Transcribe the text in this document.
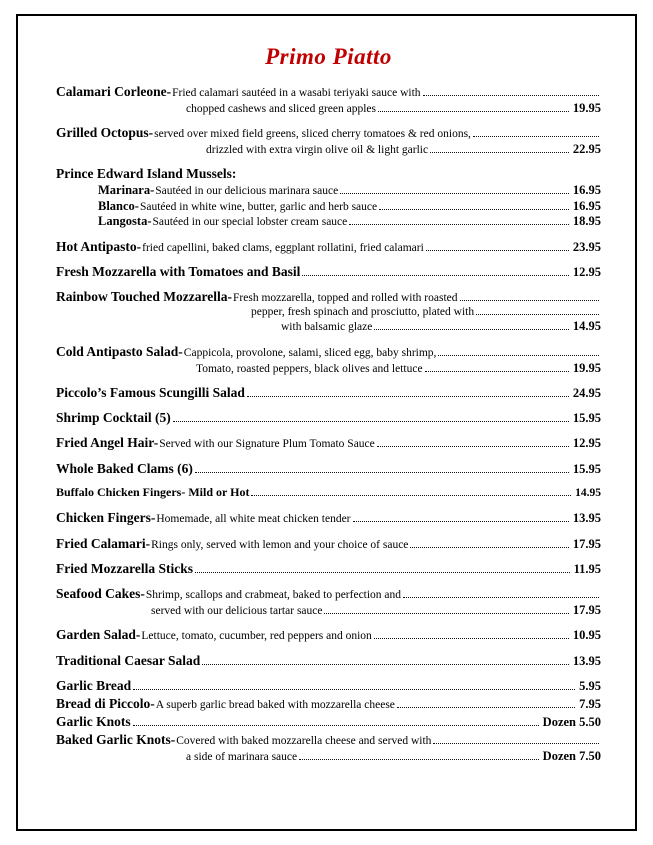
Primo Piatto
Calamari Corleone- Fried calamari sautéed in a wasabi teriyaki sauce with
chopped cashews and sliced green apples	19.95
Grilled Octopus- served over mixed field greens, sliced cherry tomatoes & red onions,
drizzled with extra virgin olive oil & light garlic	22.95
Prince Edward Island Mussels:
Marinara- Sautéed in our delicious marinara sauce	16.95
Blanco- Sautéed in white wine, butter, garlic and herb sauce	16.95
Langosta- Sautéed in our special lobster cream sauce	18.95
Hot Antipasto- fried capellini, baked clams, eggplant rollatini, fried calamari	23.95
Fresh Mozzarella with Tomatoes and Basil	12.95
Rainbow Touched Mozzarella- Fresh mozzarella, topped and rolled with roasted
pepper, fresh spinach and prosciutto, plated with
with balsamic glaze	14.95
Cold Antipasto Salad- Cappicola, provolone, salami, sliced egg, baby shrimp,
Tomato, roasted peppers, black olives and lettuce	19.95
Piccolo’s Famous Scungilli Salad	24.95
Shrimp Cocktail (5)	15.95
Fried Angel Hair- Served with our Signature Plum Tomato Sauce	12.95
Whole Baked Clams (6)	15.95
Buffalo Chicken Fingers- Mild or Hot	14.95
Chicken Fingers- Homemade, all white meat chicken tender	13.95
Fried Calamari- Rings only, served with lemon and your choice of sauce	17.95
Fried Mozzarella Sticks	11.95
Seafood Cakes- Shrimp, scallops and crabmeat, baked to perfection and
served with our delicious tartar sauce	17.95
Garden Salad- Lettuce, tomato, cucumber, red peppers and onion	10.95
Traditional Caesar Salad	13.95
Garlic Bread	5.95
Bread di Piccolo- A superb garlic bread baked with mozzarella cheese	7.95
Garlic Knots	Dozen 5.50
Baked Garlic Knots- Covered with baked mozzarella cheese and served with
a side of marinara sauce	Dozen 7.50
